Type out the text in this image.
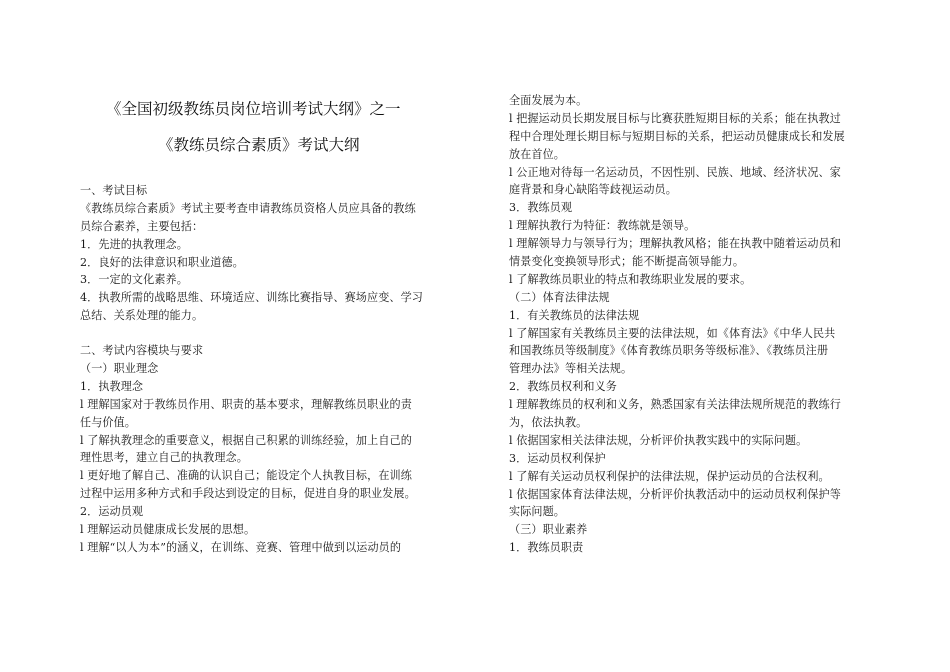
《全国初级教练员岗位培训考试大纲》之一
《教练员综合素质》考试大纲
一、考试目标
《教练员综合素质》考试主要考查申请教练员资格人员应具备的教练
员综合素养，主要包括：
1．先进的执教理念。
2．良好的法律意识和职业道德。
3．一定的文化素养。
4．执教所需的战略思维、环境适应、训练比赛指导、赛场应变、学习
总结、关系处理的能力。
二、考试内容模块与要求
（一）职业理念
1．执教理念
l 理解国家对于教练员作用、职责的基本要求，理解教练员职业的责
任与价值。
l 了解执教理念的重要意义，根据自己积累的训练经验，加上自己的
理性思考，建立自己的执教理念。
l 更好地了解自己、准确的认识自己；能设定个人执教目标，在训练
过程中运用多种方式和手段达到设定的目标，促进自身的职业发展。
2．运动员观
l 理解运动员健康成长发展的思想。
l 理解“以人为本”的涵义，在训练、竞赛、管理中做到以运动员的
全面发展为本。
l 把握运动员长期发展目标与比赛获胜短期目标的关系；能在执教过
程中合理处理长期目标与短期目标的关系，把运动员健康成长和发展
放在首位。
l 公正地对待每一名运动员，不因性别、民族、地域、经济状况、家
庭背景和身心缺陷等歧视运动员。
3．教练员观
l 理解执教行为特征：教练就是领导。
l 理解领导力与领导行为；理解执教风格；能在执教中随着运动员和
情景变化变换领导形式；能不断提高领导能力。
l 了解教练员职业的特点和教练职业发展的要求。
（二）体育法律法规
1．有关教练员的法律法规
l 了解国家有关教练员主要的法律法规，如《体育法》《中华人民共
和国教练员等级制度》《体育教练员职务等级标准》、《教练员注册
管理办法》等相关法规。
2．教练员权利和义务
l 理解教练员的权利和义务，熟悉国家有关法律法规所规范的教练行
为，依法执教。
l 依据国家相关法律法规，分析评价执教实践中的实际问题。
3．运动员权利保护
l 了解有关运动员权利保护的法律法规，保护运动员的合法权利。
l 依据国家体育法律法规，分析评价执教活动中的运动员权利保护等
实际问题。
（三）职业素养
1．教练员职责
